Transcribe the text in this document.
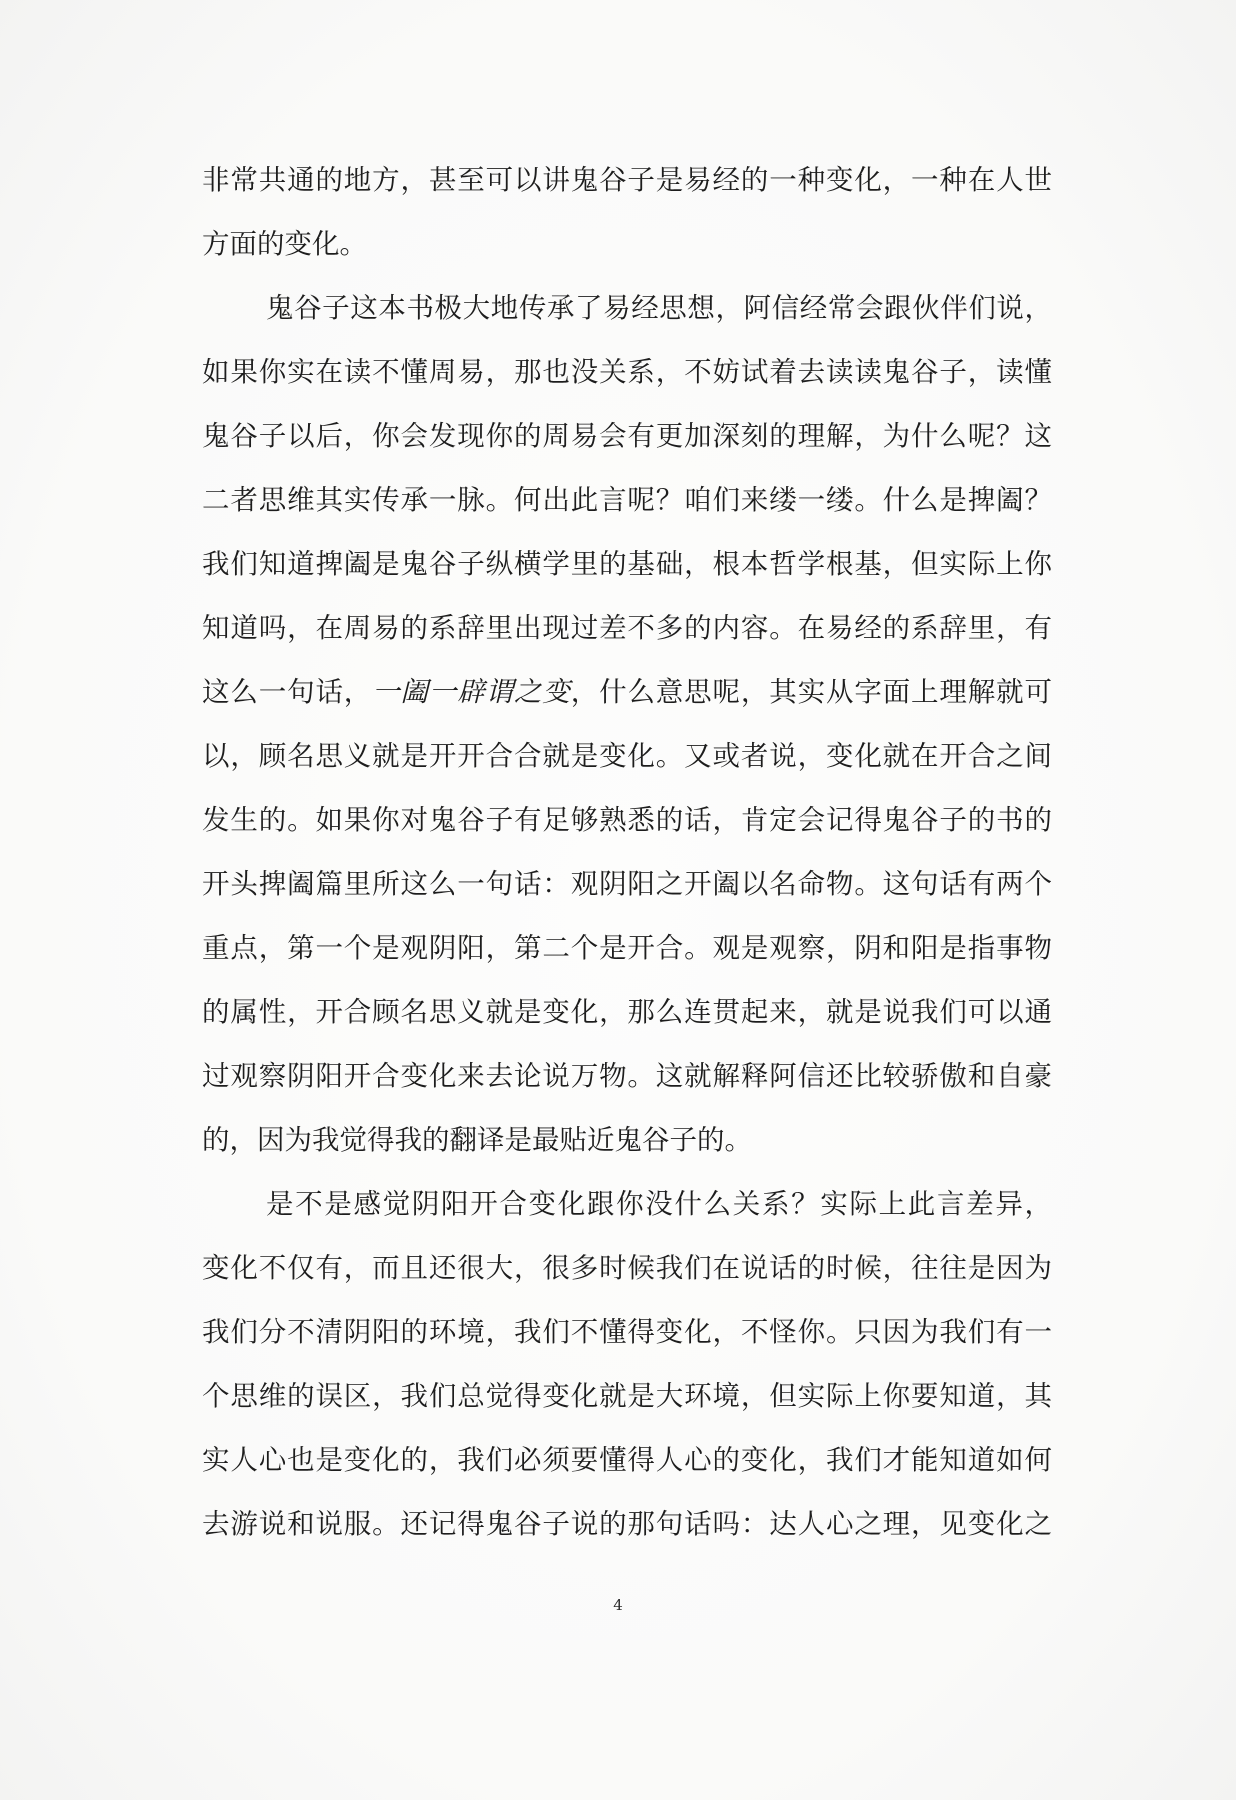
非常共通的地方，甚至可以讲鬼谷子是易经的一种变化，一种在人世
方面的变化。
鬼谷子这本书极大地传承了易经思想，阿信经常会跟伙伴们说，
如果你实在读不懂周易，那也没关系，不妨试着去读读鬼谷子，读懂
鬼谷子以后，你会发现你的周易会有更加深刻的理解，为什么呢？这
二者思维其实传承一脉。何出此言呢？咱们来缕一缕。什么是捭阖？
我们知道捭阖是鬼谷子纵横学里的基础，根本哲学根基，但实际上你
知道吗，在周易的系辞里出现过差不多的内容。在易经的系辞里，有
这么一句话，一阖一辟谓之变，什么意思呢，其实从字面上理解就可
以，顾名思义就是开开合合就是变化。又或者说，变化就在开合之间
发生的。如果你对鬼谷子有足够熟悉的话，肯定会记得鬼谷子的书的
开头捭阖篇里所这么一句话：观阴阳之开阖以名命物。这句话有两个
重点，第一个是观阴阳，第二个是开合。观是观察，阴和阳是指事物
的属性，开合顾名思义就是变化，那么连贯起来，就是说我们可以通
过观察阴阳开合变化来去论说万物。这就解释阿信还比较骄傲和自豪
的，因为我觉得我的翻译是最贴近鬼谷子的。
是不是感觉阴阳开合变化跟你没什么关系？实际上此言差异，
变化不仅有，而且还很大，很多时候我们在说话的时候，往往是因为
我们分不清阴阳的环境，我们不懂得变化，不怪你。只因为我们有一
个思维的误区，我们总觉得变化就是大环境，但实际上你要知道，其
实人心也是变化的，我们必须要懂得人心的变化，我们才能知道如何
去游说和说服。还记得鬼谷子说的那句话吗：达人心之理，见变化之
4
